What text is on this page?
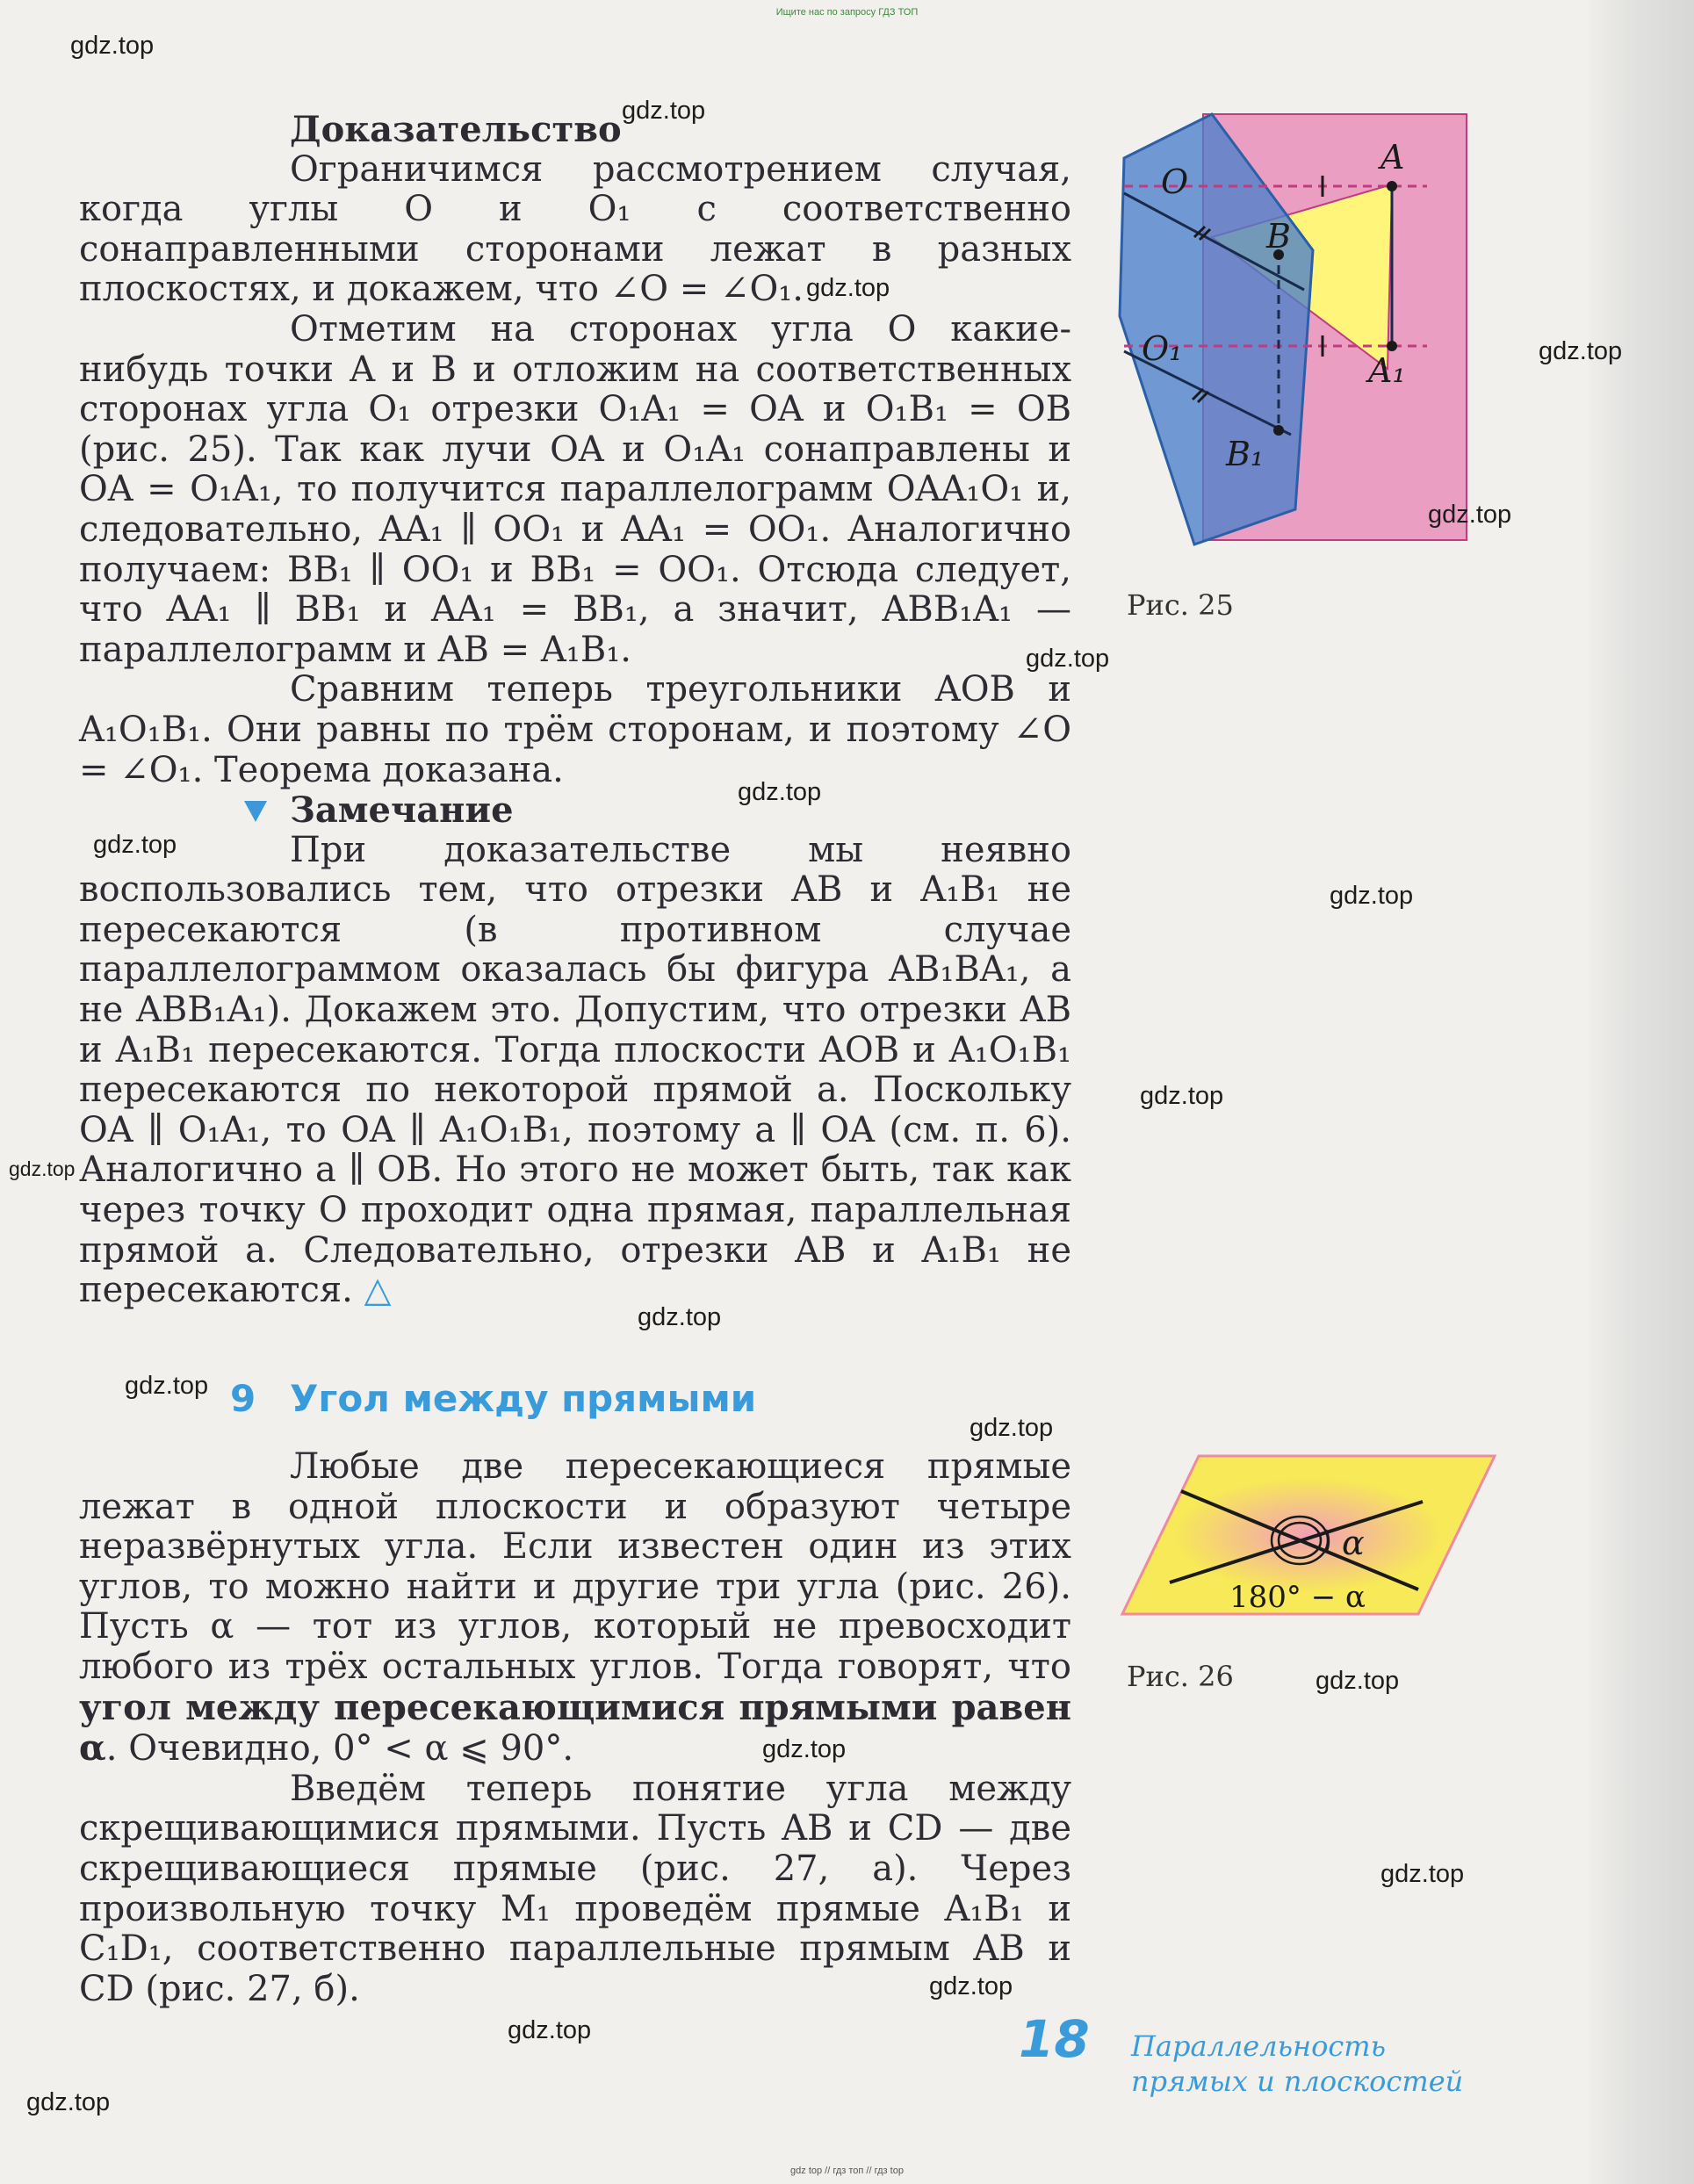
Ищите нас по запросу ГДЗ ТОП

Доказательство

Ограничимся рассмотрением случая, когда углы O и O₁ с соответственно сонаправленными сторонами лежат в разных плоскостях, и докажем, что ∠O = ∠O₁.

Отметим на сторонах угла O какие-нибудь точки A и B и отложим на соответственных сторонах угла O₁ отрезки O₁A₁ = OA и O₁B₁ = OB (рис. 25). Так как лучи OA и O₁A₁ сонаправлены и OA = O₁A₁, то получится параллелограмм OAA₁O₁ и, следовательно, AA₁ ∥ OO₁ и AA₁ = OO₁. Аналогично получаем: BB₁ ∥ OO₁ и BB₁ = OO₁. Отсюда следует, что AA₁ ∥ BB₁ и AA₁ = BB₁, а значит, ABB₁A₁ — параллелограмм и AB = A₁B₁.

Сравним теперь треугольники AOB и A₁O₁B₁. Они равны по трём сторонам, и поэтому ∠O = ∠O₁. Теорема доказана.

Замечание

При доказательстве мы неявно воспользовались тем, что отрезки AB и A₁B₁ не пересекаются (в противном случае параллелограммом оказалась бы фигура AB₁BA₁, а не ABB₁A₁). Докажем это. Допустим, что отрезки AB и A₁B₁ пересекаются. Тогда плоскости AOB и A₁O₁B₁ пересекаются по некоторой прямой a. Поскольку OA ∥ O₁A₁, то OA ∥ A₁O₁B₁, поэтому a ∥ OA (см. п. 6). Аналогично a ∥ OB. Но этого не может быть, так как через точку O проходит одна прямая, параллельная прямой a. Следовательно, отрезки AB и A₁B₁ не пересекаются. △

9 Угол между прямыми

Любые две пересекающиеся прямые лежат в одной плоскости и образуют четыре неразвёрнутых угла. Если известен один из этих углов, то можно найти и другие три угла (рис. 26). Пусть α — тот из углов, который не превосходит любого из трёх остальных углов. Тогда говорят, что угол между пересекающимися прямыми равен α. Очевидно, 0° < α ⩽ 90°.

Введём теперь понятие угла между скрещивающимися прямыми. Пусть AB и CD — две скрещивающиеся прямые (рис. 27, а). Через произвольную точку M₁ проведём прямые A₁B₁ и C₁D₁, соответственно параллельные прямым AB и CD (рис. 27, б).

O
O₁
A
A₁
B
B₁
Рис. 25
α
180° − α
Рис. 26
18 Параллельность
прямых и плоскостей
gdz top // гдз топ // гдз top
gdz.top
gdz.top
gdz.top
gdz.top
gdz.top
gdz.top
gdz.top
gdz.top
gdz.top
gdz.top
gdz.top
gdz.top
gdz.top
gdz.top
gdz.top
gdz.top
gdz.top
gdz.top
gdz.top
gdz.top
